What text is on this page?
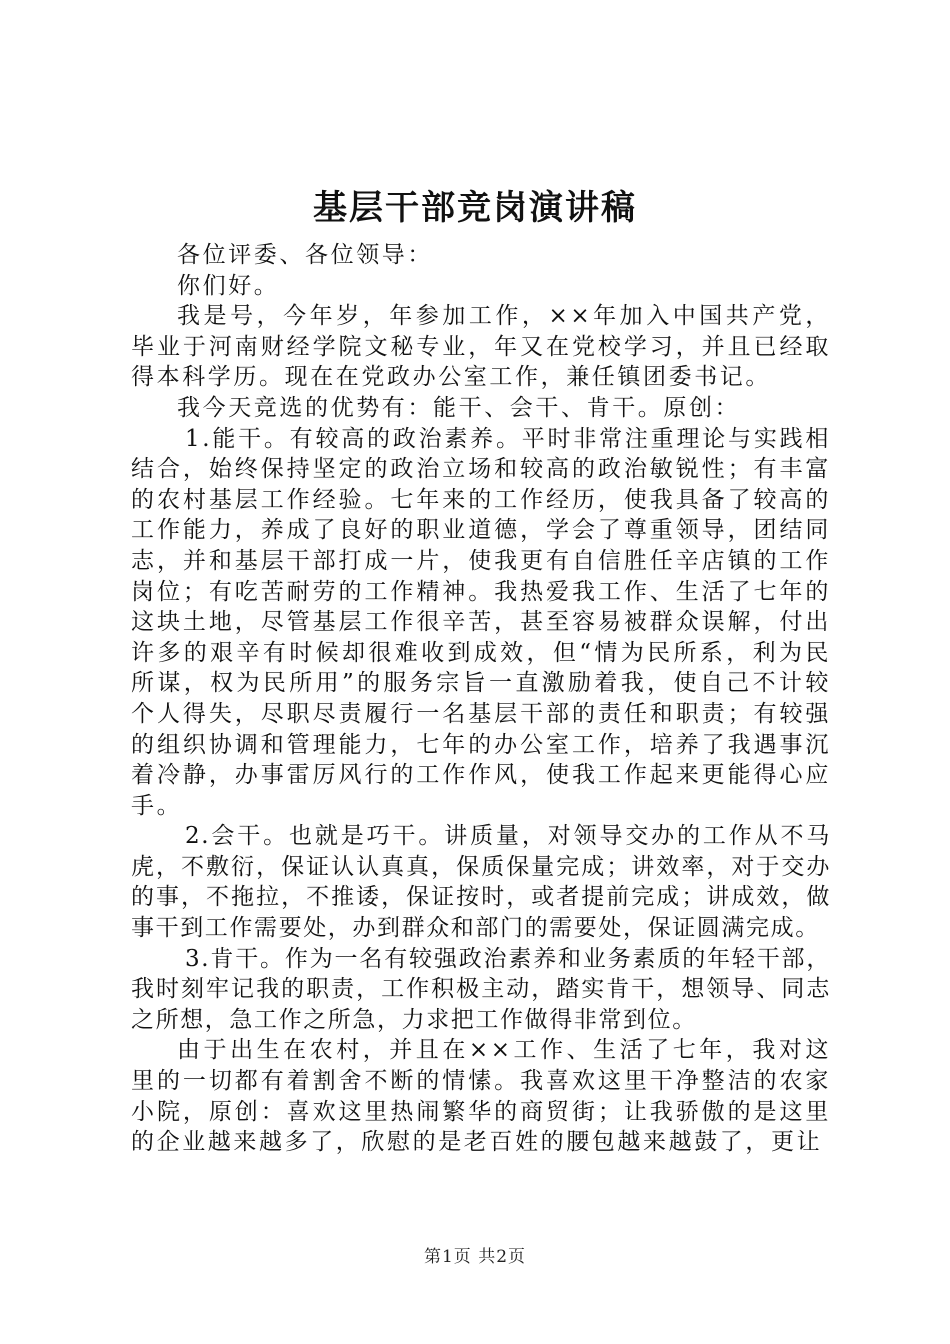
基层干部竞岗演讲稿

各位评委、各位领导：

你们好。

我是号，今年岁，年参加工作，××年加入中国共产党，毕业于河南财经学院文秘专业，年又在党校学习，并且已经取得本科学历。现在在党政办公室工作，兼任镇团委书记。

我今天竞选的优势有：能干、会干、肯干。原创：

1.能干。有较高的政治素养。平时非常注重理论与实践相结合，始终保持坚定的政治立场和较高的政治敏锐性；有丰富的农村基层工作经验。七年来的工作经历，使我具备了较高的工作能力，养成了良好的职业道德，学会了尊重领导，团结同志，并和基层干部打成一片，使我更有自信胜任辛店镇的工作岗位；有吃苦耐劳的工作精神。我热爱我工作、生活了七年的这块土地，尽管基层工作很辛苦，甚至容易被群众误解，付出许多的艰辛有时候却很难收到成效，但“情为民所系，利为民所谋，权为民所用”的服务宗旨一直激励着我，使自己不计较个人得失，尽职尽责履行一名基层干部的责任和职责；有较强的组织协调和管理能力，七年的办公室工作，培养了我遇事沉着冷静，办事雷厉风行的工作作风，使我工作起来更能得心应手。

2.会干。也就是巧干。讲质量，对领导交办的工作从不马虎，不敷衍，保证认认真真，保质保量完成；讲效率，对于交办的事，不拖拉，不推诿，保证按时，或者提前完成；讲成效，做事干到工作需要处，办到群众和部门的需要处，保证圆满完成。

3.肯干。作为一名有较强政治素养和业务素质的年轻干部，我时刻牢记我的职责，工作积极主动，踏实肯干，想领导、同志之所想，急工作之所急，力求把工作做得非常到位。

由于出生在农村，并且在××工作、生活了七年，我对这里的一切都有着割舍不断的情愫。我喜欢这里干净整洁的农家小院，原创：喜欢这里热闹繁华的商贸街；让我骄傲的是这里的企业越来越多了，欣慰的是老百姓的腰包越来越鼓了，更让

第1页 共2页
